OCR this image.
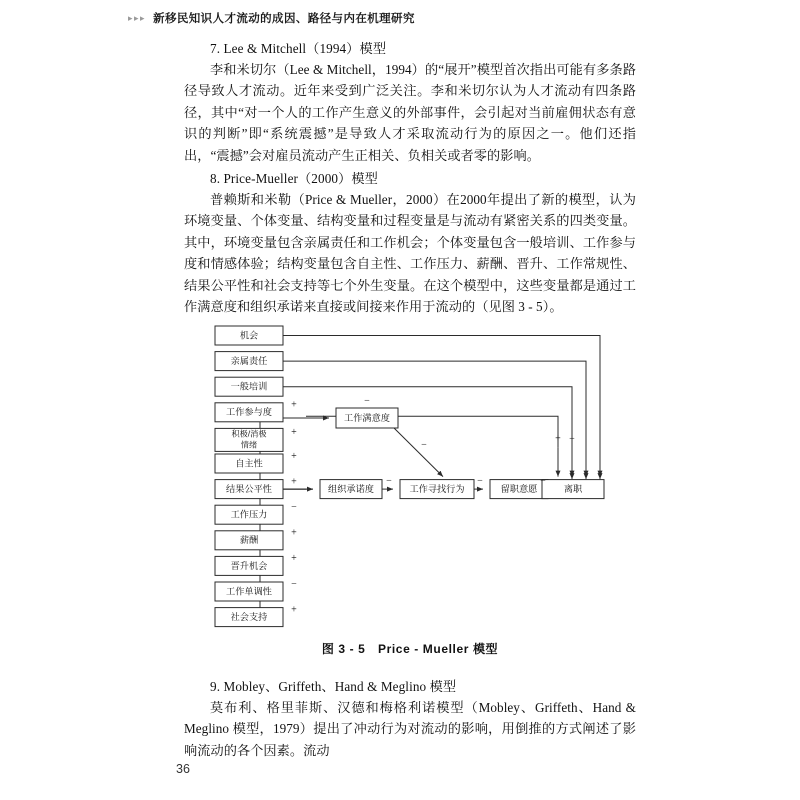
▸▸▸ 新移民知识人才流动的成因、路径与内在机理研究
7. Lee & Mitchell（1994）模型
李和米切尔（Lee & Mitchell，1994）的“展开”模型首次指出可能有多条路径导致人才流动。近年来受到广泛关注。李和米切尔认为人才流动有四条路径，其中“对一个人的工作产生意义的外部事件，会引起对当前雇佣状态有意识的判断”即“系统震撼”是导致人才采取流动行为的原因之一。他们还指出，“震撼”会对雇员流动产生正相关、负相关或者零的影响。
8. Price-Mueller（2000）模型
普赖斯和米勒（Price & Mueller，2000）在2000年提出了新的模型，认为环境变量、个体变量、结构变量和过程变量是与流动有紧密关系的四类变量。其中，环境变量包含亲属责任和工作机会；个体变量包含一般培训、工作参与度和情感体验；结构变量包含自主性、工作压力、薪酬、晋升、工作常规性、结果公平性和社会支持等七个外生变量。在这个模型中，这些变量都是通过工作满意度和组织承诺来直接或间接来作用于流动的（见图 3 - 5）。
机会
亲属责任
一般培训
工作参与度
积极/消极
情绪
自主性
结果公平性
工作压力
薪酬
晋升机会
工作单调性
社会支持
工作满意度
组织承诺度	工作寻找行为	留职意愿	离职
+
+
+
+
−
+
+
−
+
−
−
−	−	−
+ −
图 3 - 5　Price - Mueller 模型
9. Mobley、Griffeth、Hand & Meglino 模型
莫布利、格里菲斯、汉德和梅格利诺模型（Mobley、Griffeth、Hand & Meglino 模型，1979）提出了冲动行为对流动的影响，用倒推的方式阐述了影响流动的各个因素。流动
36
